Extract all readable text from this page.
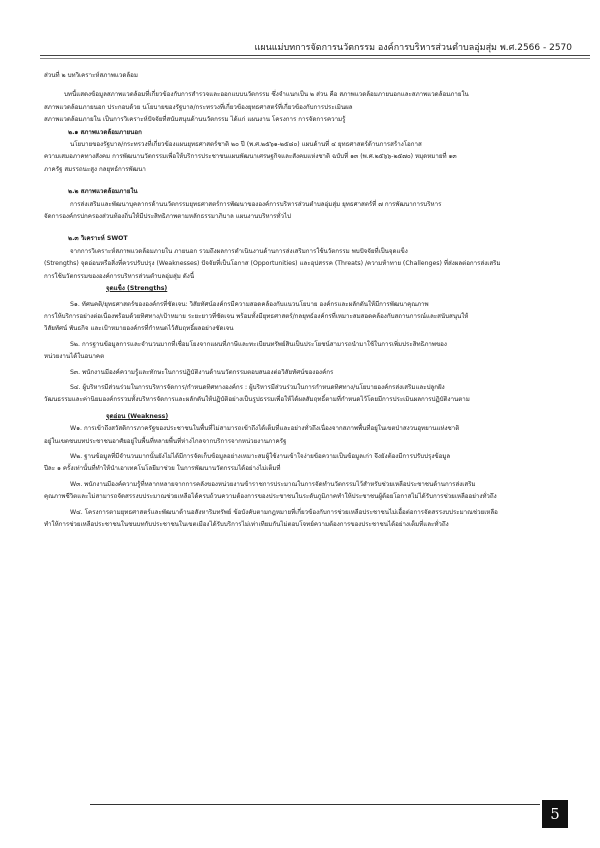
แผนแม่บทการจัดการนวัตกรรม องค์การบริหารส่วนตำบลอุ่มสุ่ม พ.ศ.2566 - 2570

ส่วนที่ ๒ บทวิเคราะห์สภาพแวดล้อม

บทนี้แสดงข้อมูลสภาพแวดล้อมที่เกี่ยวข้องกับการสำรวจและออกแบบนวัตกรรม ซึ่งจำแนกเป็น ๒ ส่วน คือ สภาพแวดล้อมภายนอกและสภาพแวดล้อมภายใน

สภาพแวดล้อมภายนอก ประกอบด้วย นโยบายของรัฐบาล/กระทรวงที่เกี่ยวข้องยุทธศาสตร์ที่เกี่ยวข้องกับการประเมินผล

สภาพแวดล้อมภายใน เป็นการวิเคราะห์ปัจจัยที่สนับสนุนด้านนวัตกรรม ได้แก่ แผนงาน โครงการ การจัดการความรู้

๒.๑ สภาพแวดล้อมภายนอก

นโยบายของรัฐบาล/กระทรวงที่เกี่ยวข้องแผนยุทธศาสตร์ชาติ ๒๐ ปี (พ.ศ.๒๕๖๑-๒๕๘๐) แผนด้านที่ ๔ ยุทธศาสตร์ด้านการสร้างโอกาส

ความเสมอภาคทางสังคม การพัฒนานวัตกรรมเพื่อให้บริการประชาชนแผนพัฒนาเศรษฐกิจและสังคมแห่งชาติ ฉบับที่ ๑๓ (พ.ศ.๒๕๖๖-๒๕๗๐) หมุดหมายที่ ๑๓

ภาครัฐ สมรรถนะสูง กลยุทธ์การพัฒนา

๒.๒ สภาพแวดล้อมภายใน

การส่งเสริมและพัฒนาบุคลากรด้านนวัตกรรมยุทธศาสตร์การพัฒนาขององค์การบริหารส่วนตำบลอุ่มสุ่ม ยุทธศาสตร์ที่ ๗ การพัฒนาการบริหาร

จัดการองค์กรปกครองส่วนท้องถิ่นให้มีประสิทธิภาพตามหลักธรรมาภิบาล แผนงานบริหารทั่วไป

๒.๓ วิเคราะห์ SWOT

จากการวิเคราะห์สภาพแวดล้อมภายใน ภายนอก รวมถึงผลการดำเนินงานด้านการส่งเสริมการใช้นวัตกรรม พบปัจจัยที่เป็นจุดแข็ง

(Strengths) จุดอ่อนหรือสิ่งที่ควรปรับปรุง (Weaknesses) ปัจจัยที่เป็นโอกาส (Opportunities) และอุปสรรค (Threats) /ความท้าทาย (Challenges) ที่ส่งผลต่อการส่งเสริม

การใช้นวัตกรรมขององค์การบริหารส่วนตำบลอุ่มสุ่ม ดังนี้

จุดแข็ง (Strengths)

S๑. ทัศนคติ/ยุทธศาสตร์ขององค์กรที่ชัดเจน: วิสัยทัศน์องค์กรมีความสอดคล้องกับแนวนโยบาย องค์กรและผลักดันให้มีการพัฒนาคุณภาพ

การให้บริการอย่างต่อเนื่องพร้อมด้วยทิศทาง/เป้าหมาย ระยะยาวที่ชัดเจน พร้อมทั้งมียุทธศาสตร์/กลยุทธ์องค์กรที่เหมาะสมสอดคล้องกับสถานการณ์และสนับสนุนให้

วิสัยทัศน์ พันธกิจ และเป้าหมายองค์กรที่กำหนดไว้สัมฤทธิ์ผลอย่างชัดเจน

S๒. การฐานข้อมูลการและจำนวนมากที่เชื่อมโยงจากแผนที่ภาษีและทะเบียนทรัพย์สินเป็นประโยชน์สามารถนำมาใช้ในการเพิ่มประสิทธิภาพของ

หน่วยงานได้ในอนาคต

S๓. พนักงานมีองค์ความรู้และทักษะในการปฏิบัติงานด้านนวัตกรรมตอบสนองต่อวิสัยทัศน์ขององค์กร

S๔. ผู้บริหารมีส่วนร่วมในการบริหารจัดการ/กำหนดทิศทางองค์กร : ผู้บริหารมีส่วนร่วมในการกำหนดทิศทาง/นโยบายองค์กรส่งเสริมและปลูกฝัง

วัฒนธรรมและค่านิยมองค์กรรวมทั้งบริหารจัดการและผลักดันให้ปฏิบัติอย่างเป็นรูปธรรมเพื่อให้ได้ผลสัมฤทธิ์ตามที่กำหนดไว้โดยมีการประเมินผลการปฏิบัติงานตาม

จุดอ่อน (Weakness)

W๑. การเข้าถึงสวัสดิการภาครัฐของประชาชนในพื้นที่ไม่สามารถเข้าถึงได้เต็มที่และอย่างทั่วถึงเนื่องจากสภาพพื้นที่อยู่ในเขตป่าสงวนอุทยานแห่งชาติ

อยู่ในเขตชนบทประชาชนอาศัยอยู่ในพื้นที่หลายพื้นที่ห่างไกลจากบริการจากหน่วยงานภาครัฐ

W๒. ฐานข้อมูลที่มีจำนวนมากนั้นยังไม่ได้มีการจัดเก็บข้อมูลอย่างเหมาะสมผู้ใช้งานเข้าใจง่ายข้อความเป็นข้อมูลเก่า จึงยังต้องมีการปรับปรุงข้อมูล

ปีละ ๑ ครั้งเท่านั้นที่ทำให้นำเอาเทคโนโลยีมาช่วย ในการพัฒนานวัตกรรมได้อย่างไม่เต็มที่

W๓. พนักงานมีองค์ความรู้ที่หลากหลายจากการคลังของหน่วยงานข้าราชการประมาณในการจัดทำนวัตกรรมไว้สำหรับช่วยเหลือประชาชนด้านการส่งเสริม

คุณภาพชีวิตและไม่สามารถจัดสรรงบประมาณช่วยเหลือได้ครบถ้วนความต้องการของประชาชนในระดับภูมิภาคทำให้ประชาชนผู้ด้อยโอกาสไม่ได้รับการช่วยเหลืออย่างทั่วถึง

W๔. โครงการตามยุทธศาสตร์และพัฒนาด้านอสังหาริมทรัพย์ ข้อบังคับตามกฎหมายที่เกี่ยวข้องกับการช่วยเหลือประชาชนไม่เอื้อต่อการจัดสรรงบประมาณช่วยเหลือ

ทำให้การช่วยเหลือประชาชนในชนบทกับประชาชนในเขตเมืองได้รับบริการไม่เท่าเทียมกันไม่ตอบโจทย์ความต้องการของประชาชนได้อย่างเต็มที่และทั่วถึง

5
